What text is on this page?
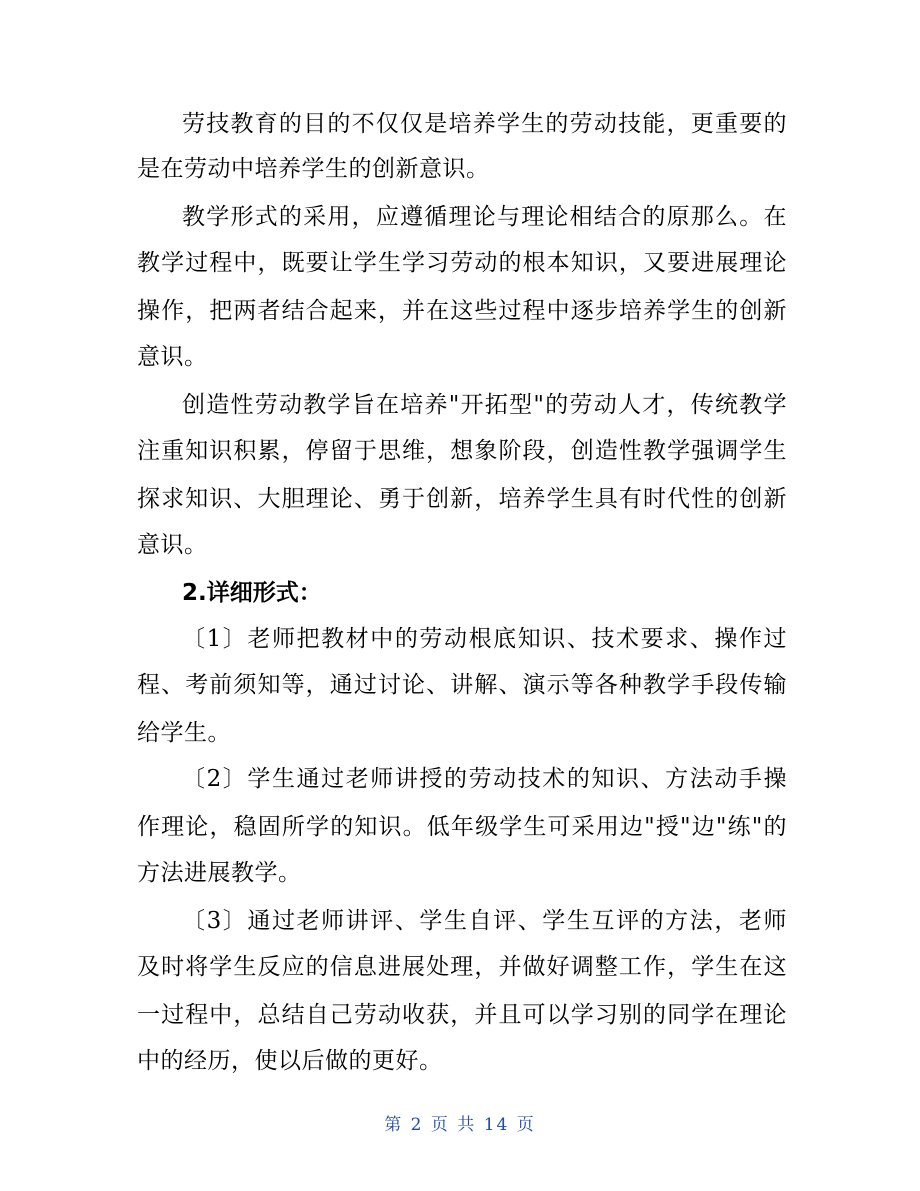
劳技教育的目的不仅仅是培养学生的劳动技能，更重要的
是在劳动中培养学生的创新意识。
教学形式的采用，应遵循理论与理论相结合的原那么。在
教学过程中，既要让学生学习劳动的根本知识，又要进展理论
操作，把两者结合起来，并在这些过程中逐步培养学生的创新
意识。
创造性劳动教学旨在培养"开拓型"的劳动人才，传统教学
注重知识积累，停留于思维，想象阶段，创造性教学强调学生
探求知识、大胆理论、勇于创新，培养学生具有时代性的创新
意识。
2.详细形式：
〔1〕老师把教材中的劳动根底知识、技术要求、操作过
程、考前须知等，通过讨论、讲解、演示等各种教学手段传输
给学生。
〔2〕学生通过老师讲授的劳动技术的知识、方法动手操
作理论，稳固所学的知识。低年级学生可采用边"授"边"练"的
方法进展教学。
〔3〕通过老师讲评、学生自评、学生互评的方法，老师
及时将学生反应的信息进展处理，并做好调整工作，学生在这
一过程中，总结自己劳动收获，并且可以学习别的同学在理论
中的经历，使以后做的更好。
第 2 页 共 14 页
